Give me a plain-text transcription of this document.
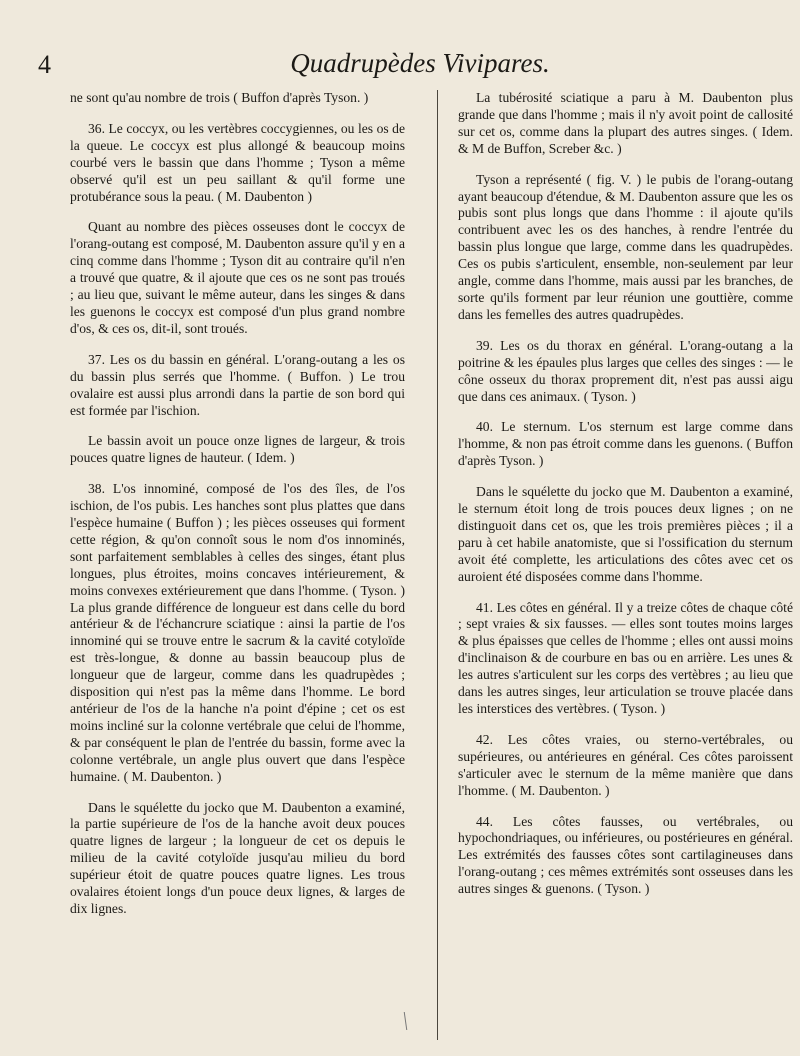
4	Quadrupèdes Vivipares.

ne sont qu'au nombre de trois ( Buffon d'après Tyson. )

36. Le coccyx, ou les vertèbres coccygiennes, ou les os de la queue. Le coccyx est plus allongé & beaucoup moins courbé vers le bassin que dans l'homme ; Tyson a même observé qu'il est un peu saillant & qu'il forme une protubérance sous la peau. ( M. Daubenton )

Quant au nombre des pièces osseuses dont le coccyx de l'orang-outang est composé, M. Daubenton assure qu'il y en a cinq comme dans l'homme ; Tyson dit au contraire qu'il n'en a trouvé que quatre, & il ajoute que ces os ne sont pas troués ; au lieu que, suivant le même auteur, dans les singes & dans les guenons le coccyx est composé d'un plus grand nombre d'os, & ces os, dit-il, sont troués.

37. Les os du bassin en général. L'orang-outang a les os du bassin plus serrés que l'homme. ( Buffon. ) Le trou ovalaire est aussi plus arrondi dans la partie de son bord qui est formée par l'ischion.

Le bassin avoit un pouce onze lignes de largeur, & trois pouces quatre lignes de hauteur. ( Idem. )

38. L'os innominé, composé de l'os des îles, de l'os ischion, de l'os pubis. Les hanches sont plus plattes que dans l'espèce humaine ( Buffon ) ; les pièces osseuses qui forment cette région, & qu'on connoît sous le nom d'os innominés, sont parfaitement semblables à celles des singes, étant plus longues, plus étroites, moins concaves intérieurement, & moins convexes extérieurement que dans l'homme. ( Tyson. ) La plus grande différence de longueur est dans celle du bord antérieur & de l'échancrure sciatique : ainsi la partie de l'os innominé qui se trouve entre le sacrum & la cavité cotyloïde est très-longue, & donne au bassin beaucoup plus de longueur que de largeur, comme dans les quadrupèdes ; disposition qui n'est pas la même dans l'homme. Le bord antérieur de l'os de la hanche n'a point d'épine ; cet os est moins incliné sur la colonne vertébrale que celui de l'homme, & par conséquent le plan de l'entrée du bassin, forme avec la colonne vertébrale, un angle plus ouvert que dans l'espèce humaine. ( M. Daubenton. )

Dans le squélette du jocko que M. Daubenton a examiné, la partie supérieure de l'os de la hanche avoit deux pouces quatre lignes de largeur ; la longueur de cet os depuis le milieu de la cavité cotyloïde jusqu'au milieu du bord supérieur étoit de quatre pouces quatre lignes. Les trous ovalaires étoient longs d'un pouce deux lignes, & larges de dix lignes.

La tubérosité sciatique a paru à M. Daubenton plus grande que dans l'homme ; mais il n'y avoit point de callosité sur cet os, comme dans la plupart des autres singes. ( Idem. & M de Buffon, Screber &c. )

Tyson a représenté ( fig. V. ) le pubis de l'orang-outang ayant beaucoup d'étendue, & M. Daubenton assure que les os pubis sont plus longs que dans l'homme : il ajoute qu'ils contribuent avec les os des hanches, à rendre l'entrée du bassin plus longue que large, comme dans les quadrupèdes. Ces os pubis s'articulent, ensemble, non-seulement par leur angle, comme dans l'homme, mais aussi par les branches, de sorte qu'ils forment par leur réunion une gouttière, comme dans les femelles des autres quadrupèdes.

39. Les os du thorax en général. L'orang-outang a la poitrine & les épaules plus larges que celles des singes : — le cône osseux du thorax proprement dit, n'est pas aussi aigu que dans ces animaux. ( Tyson. )

40. Le sternum. L'os sternum est large comme dans l'homme, & non pas étroit comme dans les guenons. ( Buffon d'après Tyson. )

Dans le squélette du jocko que M. Daubenton a examiné, le sternum étoit long de trois pouces deux lignes ; on ne distinguoit dans cet os, que les trois premières pièces ; il a paru à cet habile anatomiste, que si l'ossification du sternum avoit été complette, les articulations des côtes avec cet os auroient été disposées comme dans l'homme.

41. Les côtes en général. Il y a treize côtes de chaque côté ; sept vraies & six fausses. — elles sont toutes moins larges & plus épaisses que celles de l'homme ; elles ont aussi moins d'inclinaison & de courbure en bas ou en arrière. Les unes & les autres s'articulent sur les corps des vertèbres ; au lieu que dans les autres singes, leur articulation se trouve placée dans les interstices des vertèbres. ( Tyson. )

42. Les côtes vraies, ou sterno-vertébrales, ou supérieures, ou antérieures en général. Ces côtes paroissent s'articuler avec le sternum de la même manière que dans l'homme. ( M. Daubenton. )

44. Les côtes fausses, ou vertébrales, ou hypochondriaques, ou inférieures, ou postérieures en général. Les extrémités des fausses côtes sont cartilagineuses dans l'orang-outang ; ces mêmes extrémités sont osseuses dans les autres singes & guenons. ( Tyson. )
